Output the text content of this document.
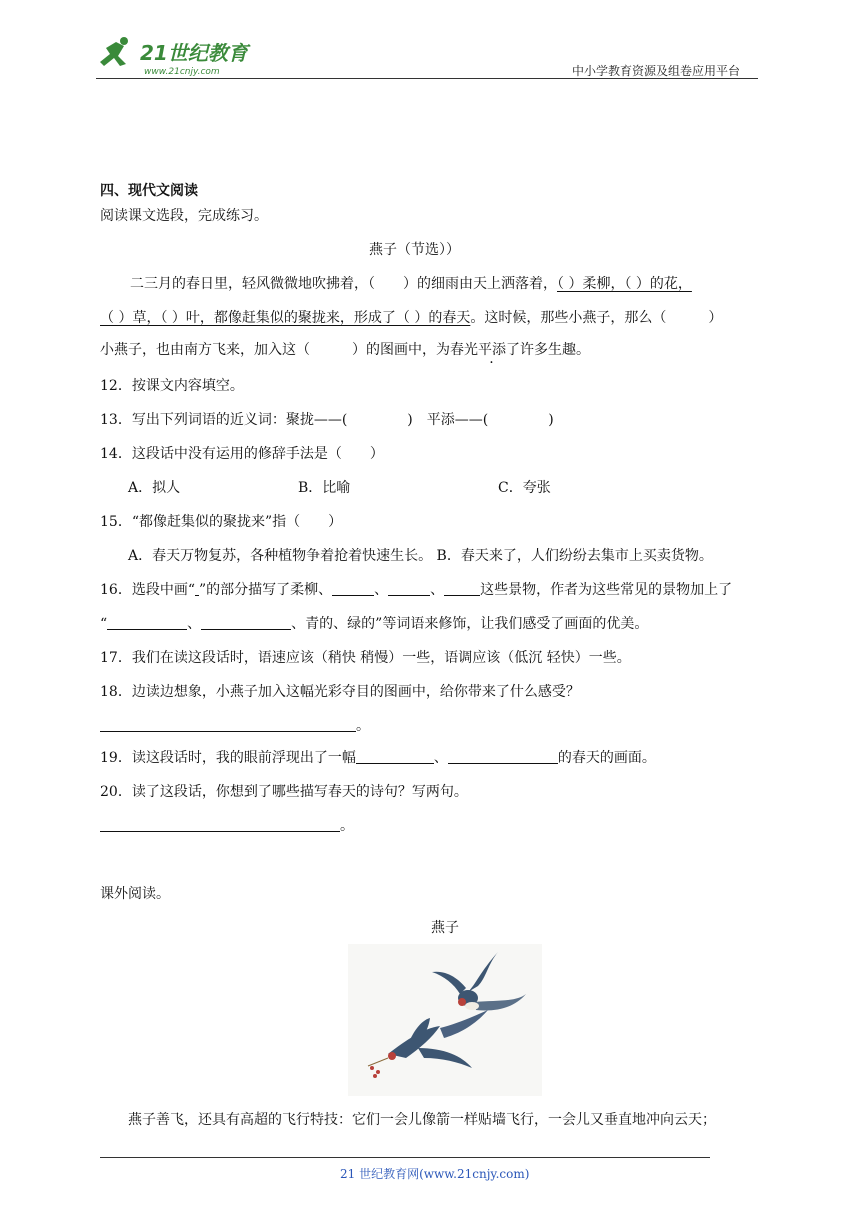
21世纪教育
www.21cnjy.com	中小学教育资源及组卷应用平台
四、现代文阅读
阅读课文选段，完成练习。
燕子（节选））
二三月的春日里，轻风微微地吹拂着，（　　）的细雨由天上洒落着，（ ）柔柳，（ ）的花，
（ ）草，（ ）叶，都像赶集似的聚拢来，形成了（ ）的春天。这时候，那些小燕子，那么（　　　）
小燕子，也由南方飞来，加入这（　　　）的图画中，为春光平添了许多生趣。
12．按课文内容填空。
13．写出下列词语的近义词：聚拢——(	)　平添——(	)
14．这段话中没有运用的修辞手法是（　　）
A．拟人	B．比喻	C．夸张
15．“都像赶集似的聚拢来”指（　　）
A．春天万物复苏，各种植物争着抢着快速生长。 B．春天来了，人们纷纷去集市上买卖货物。
16．选段中画“ ”的部分描写了柔柳、	、	、	这些景物，作者为这些常见的景物加上了
“	、	、青的、绿的”等词语来修饰，让我们感受了画面的优美。
17．我们在读这段话时，语速应该（稍快 稍慢）一些，语调应该（低沉 轻快）一些。
18．边读边想象，小燕子加入这幅光彩夺目的图画中，给你带来了什么感受？
。
19．读这段话时，我的眼前浮现出了一幅	、	的春天的画面。
20．读了这段话，你想到了哪些描写春天的诗句？写两句。
。
课外阅读。
燕子
燕子善飞，还具有高超的飞行特技：它们一会儿像箭一样贴墙飞行，一会儿又垂直地冲向云天；
21 世纪教育网(www.21cnjy.com)
